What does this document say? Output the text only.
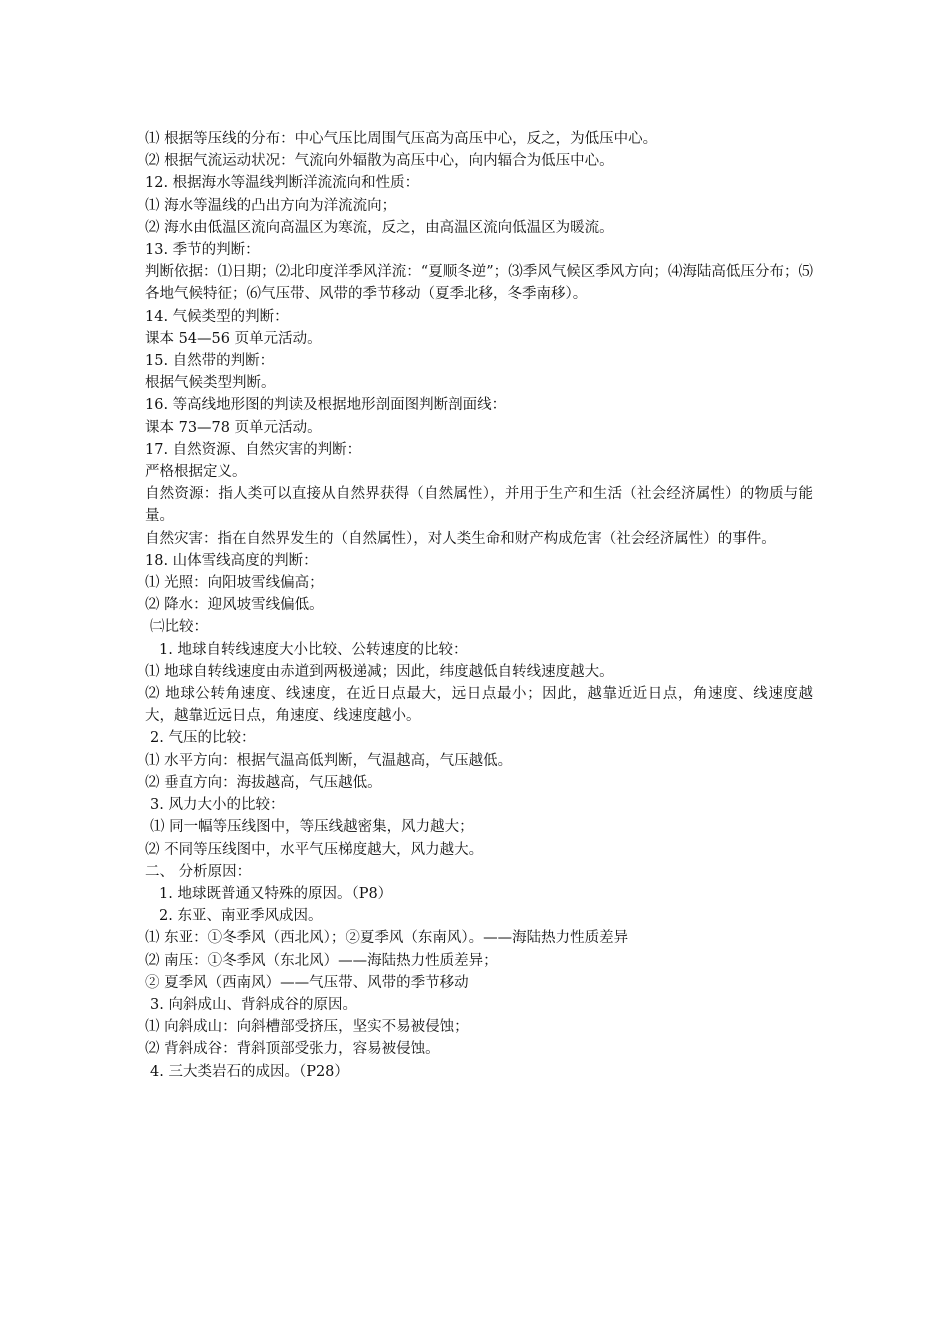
⑴ 根据等压线的分布：中心气压比周围气压高为高压中心，反之，为低压中心。
⑵ 根据气流运动状况：气流向外辐散为高压中心，向内辐合为低压中心。
12. 根据海水等温线判断洋流流向和性质：
⑴ 海水等温线的凸出方向为洋流流向；
⑵ 海水由低温区流向高温区为寒流，反之，由高温区流向低温区为暖流。
13. 季节的判断：
判断依据：⑴日期；⑵北印度洋季风洋流：“夏顺冬逆”；⑶季风气候区季风方向；⑷海陆高低压分布；⑸各地气候特征；⑹气压带、风带的季节移动（夏季北移，冬季南移）。
14. 气候类型的判断：
课本 54—56 页单元活动。
15. 自然带的判断：
根据气候类型判断。
16. 等高线地形图的判读及根据地形剖面图判断剖面线：
课本 73—78 页单元活动。
17. 自然资源、自然灾害的判断：
严格根据定义。
自然资源：指人类可以直接从自然界获得（自然属性），并用于生产和生活（社会经济属性）的物质与能量。
自然灾害：指在自然界发生的（自然属性），对人类生命和财产构成危害（社会经济属性）的事件。
18. 山体雪线高度的判断：
⑴ 光照：向阳坡雪线偏高；
⑵ 降水：迎风坡雪线偏低。
㈡比较：
1. 地球自转线速度大小比较、公转速度的比较：
⑴ 地球自转线速度由赤道到两极递减；因此，纬度越低自转线速度越大。
⑵ 地球公转角速度、线速度，在近日点最大，远日点最小；因此，越靠近近日点，角速度、线速度越大，越靠近远日点，角速度、线速度越小。
2. 气压的比较：
⑴ 水平方向：根据气温高低判断，气温越高，气压越低。
⑵ 垂直方向：海拔越高，气压越低。
3. 风力大小的比较：
⑴ 同一幅等压线图中，等压线越密集，风力越大；
⑵ 不同等压线图中，水平气压梯度越大，风力越大。
二、 分析原因：
1. 地球既普通又特殊的原因。（P8）
2. 东亚、南亚季风成因。
⑴ 东亚：①冬季风（西北风）；②夏季风（东南风）。——海陆热力性质差异
⑵ 南压：①冬季风（东北风）——海陆热力性质差异；
② 夏季风（西南风）——气压带、风带的季节移动
3. 向斜成山、背斜成谷的原因。
⑴ 向斜成山：向斜槽部受挤压，坚实不易被侵蚀；
⑵ 背斜成谷：背斜顶部受张力，容易被侵蚀。
4. 三大类岩石的成因。（P28）
